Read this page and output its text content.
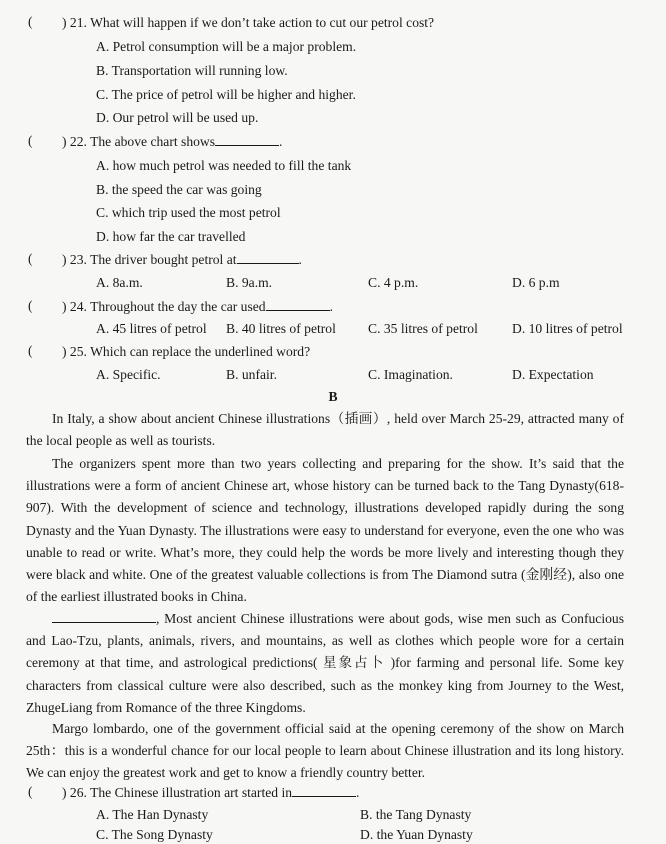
( ) 21. What will happen if we don’t take action to cut our petrol cost?
A. Petrol consumption will be a major problem.
B. Transportation will running low.
C. The price of petrol will be higher and higher.
D. Our petrol will be used up.
( ) 22. The above chart shows	.
A. how much petrol was needed to fill the tank
B. the speed the car was going
C. which trip used the most petrol
D. how far the car travelled
( ) 23. The driver bought petrol at	.
A. 8a.m.	B. 9a.m.	C. 4 p.m.	D. 6 p.m
( ) 24. Throughout the day the car used	.
A. 45 litres of petrol B. 40 litres of petrol C. 35 litres of petrol	D. 10 litres of petrol
( ) 25. Which can replace the underlined word?
A. Specific.	B. unfair.	C. Imagination.	D. Expectation
B
In Italy, a show about ancient Chinese illustrations（插画）, held over March 25-29, attracted many of the local people as well as tourists.
The organizers spent more than two years collecting and preparing for the show. It’s said that the illustrations were a form of ancient Chinese art, whose history can be turned back to the Tang Dynasty(618-907). With the development of science and technology, illustrations developed rapidly during the song Dynasty and the Yuan Dynasty. The illustrations were easy to understand for everyone, even the one who was unable to read or write. What’s more, they could help the words be more lively and interesting though they were black and white. One of the greatest valuable collections is from The Diamond sutra (金刚经), also one of the earliest illustrated books in China.
, Most ancient Chinese illustrations were about gods, wise men such as Confucious and Lao-Tzu, plants, animals, rivers, and mountains, as well as clothes which people wore for a certain ceremony at that time, and astrological predictions( 星象占卜 )for farming and personal life. Some key characters from classical culture were also described, such as the monkey king from Journey to the West, ZhugeLiang from Romance of the three Kingdoms.
Margo lombardo, one of the government official said at the opening ceremony of the show on March 25th：this is a wonderful chance for our local people to learn about Chinese illustration and its long history. We can enjoy the greatest work and get to know a friendly country better.
( ) 26. The Chinese illustration art started in	.
A. The Han Dynasty	B. the Tang Dynasty
C. The Song Dynasty	D. the Yuan Dynasty
